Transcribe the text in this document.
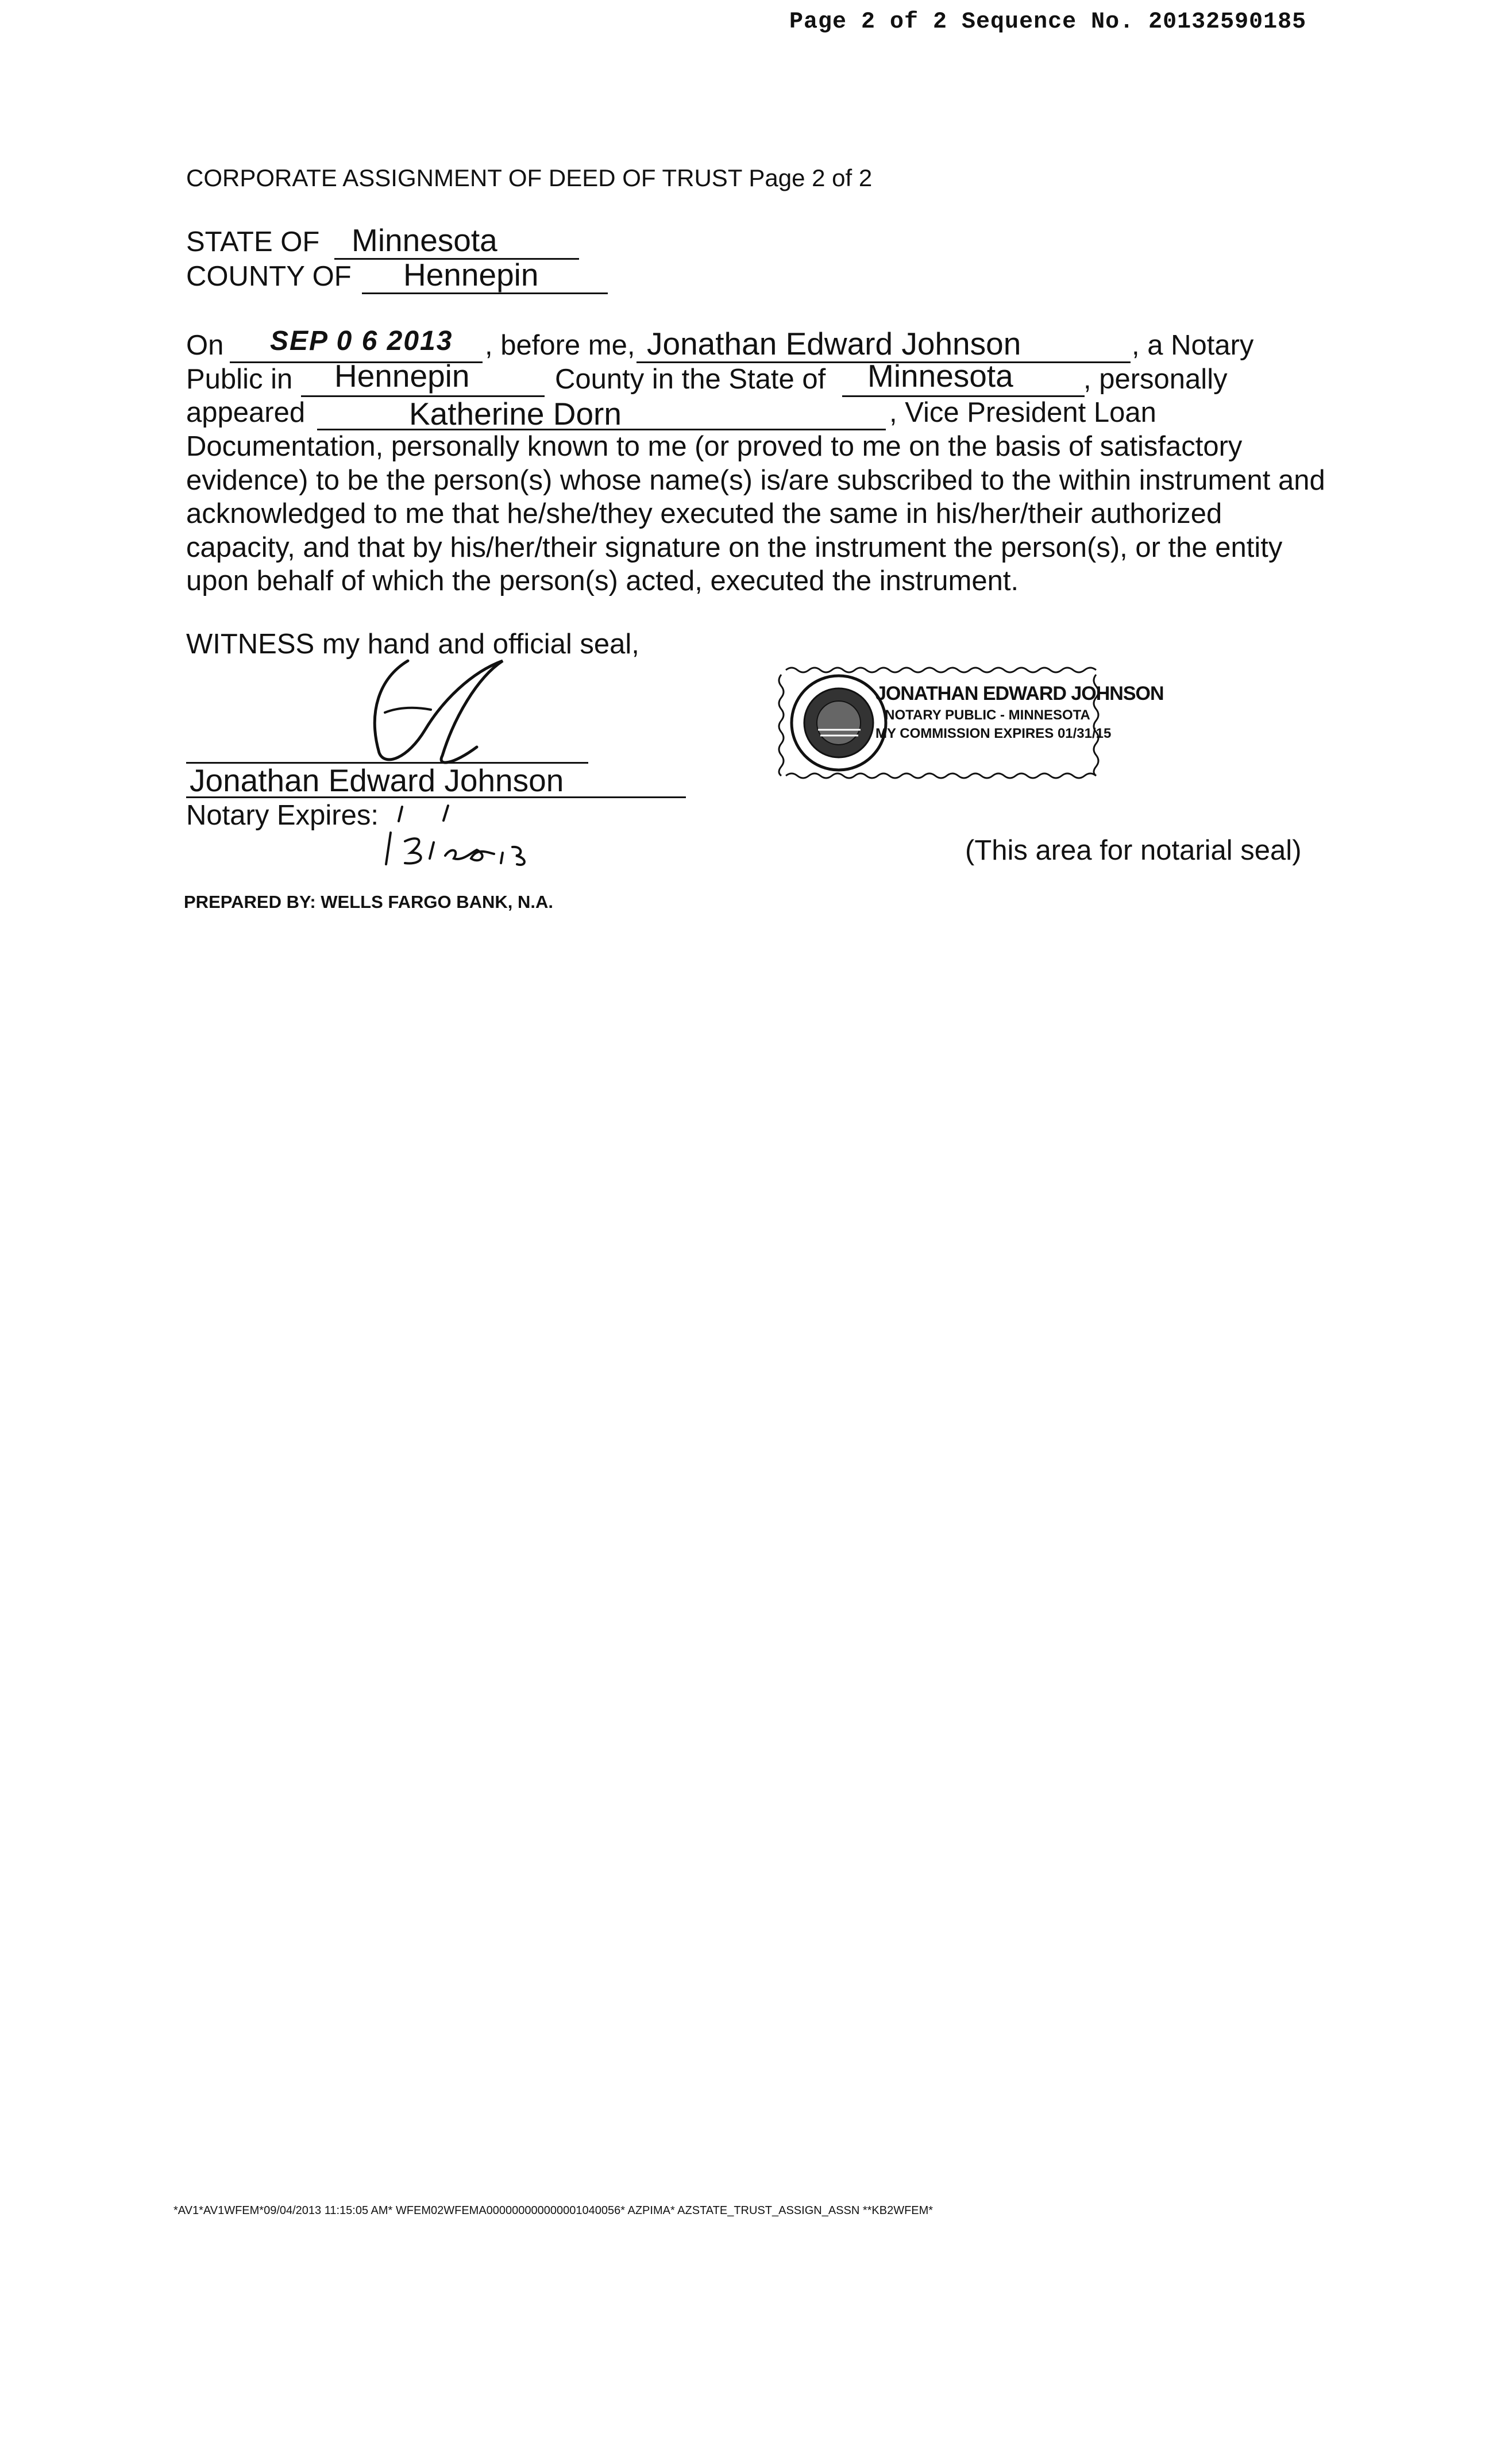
Page 2 of 2 Sequence No. 20132590185
CORPORATE ASSIGNMENT OF DEED OF TRUST Page 2 of 2
STATE OF Minnesota
COUNTY OF Hennepin
On SEP 0 6 2013 , before me, Jonathan Edward Johnson	, a Notary
Public in Hennepin	County in the State of Minnesota , personally
appeared	Katherine Dorn	, Vice President Loan
Documentation, personally known to me (or proved to me on the basis of satisfactory evidence) to be the person(s) whose name(s) is/are subscribed to the within instrument and acknowledged to me that he/she/they executed the same in his/her/their authorized capacity, and that by his/her/their signature on the instrument the person(s), or the entity upon behalf of which the person(s) acted, executed the instrument.
WITNESS my hand and official seal,
Jonathan Edward Johnson
Notary Expires:
JONATHAN EDWARD JOHNSON
NOTARY PUBLIC - MINNESOTA
MY COMMISSION EXPIRES 01/31/15
(This area for notarial seal)
PREPARED BY: WELLS FARGO BANK, N.A.
*AV1*AV1WFEM*09/04/2013 11:15:05 AM* WFEM02WFEMA000000000000001040056* AZPIMA* AZSTATE_TRUST_ASSIGN_ASSN **KB2WFEM*
